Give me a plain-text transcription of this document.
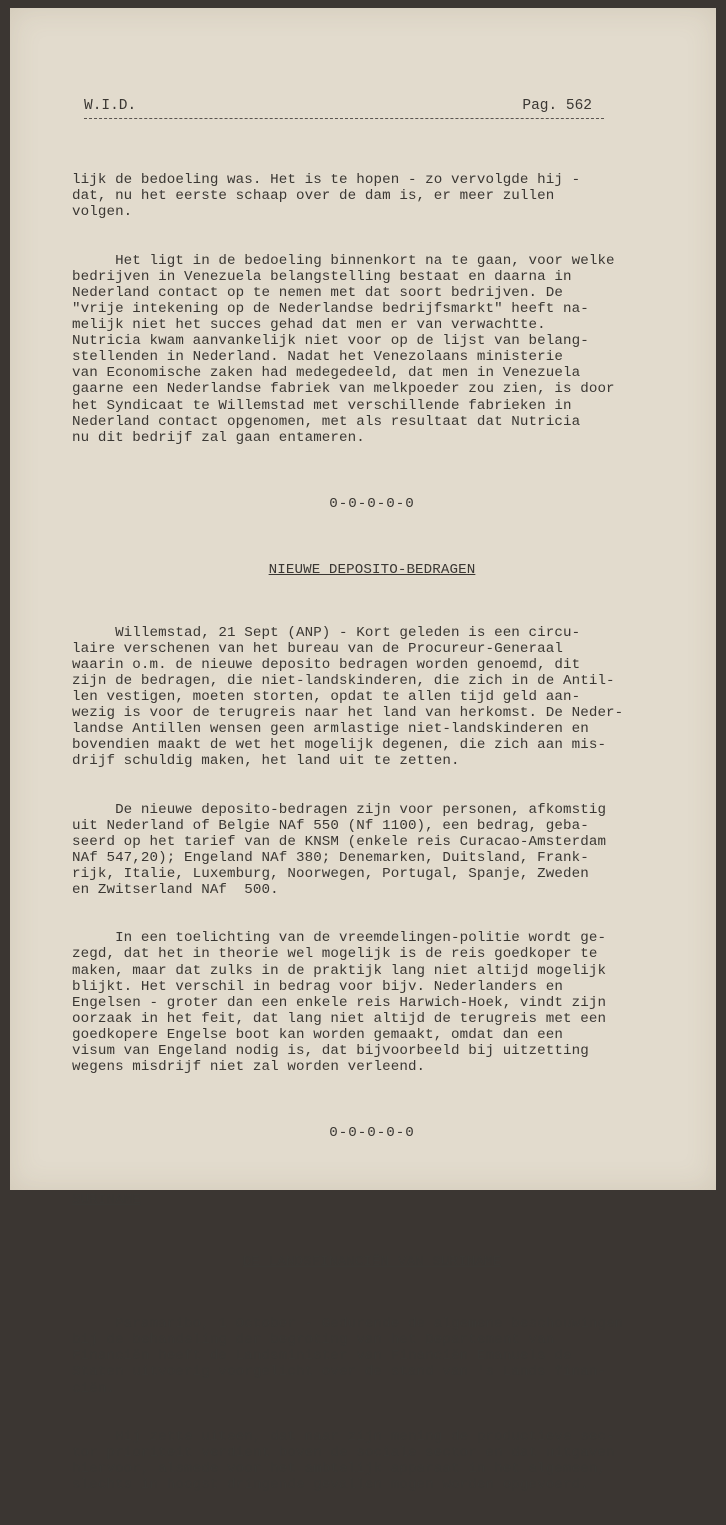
W.I.D.	Pag. 562

lijk de bedoeling was. Het is te hopen - zo vervolgde hij -
dat, nu het eerste schaap over de dam is, er meer zullen
volgen.

Het ligt in de bedoeling binnenkort na te gaan, voor welke
bedrijven in Venezuela belangstelling bestaat en daarna in
Nederland contact op te nemen met dat soort bedrijven. De
"vrije intekening op de Nederlandse bedrijfsmarkt" heeft na-
melijk niet het succes gehad dat men er van verwachtte.
Nutricia kwam aanvankelijk niet voor op de lijst van belang-
stellenden in Nederland. Nadat het Venezolaans ministerie
van Economische zaken had medegedeeld, dat men in Venezuela
gaarne een Nederlandse fabriek van melkpoeder zou zien, is door
het Syndicaat te Willemstad met verschillende fabrieken in
Nederland contact opgenomen, met als resultaat dat Nutricia
nu dit bedrijf zal gaan entameren.

0-0-0-0-0

NIEUWE DEPOSITO-BEDRAGEN

Willemstad, 21 Sept (ANP) - Kort geleden is een circu-
laire verschenen van het bureau van de Procureur-Generaal
waarin o.m. de nieuwe deposito bedragen worden genoemd, dit
zijn de bedragen, die niet-landskinderen, die zich in de Antil-
len vestigen, moeten storten, opdat te allen tijd geld aan-
wezig is voor de terugreis naar het land van herkomst. De Neder-
landse Antillen wensen geen armlastige niet-landskinderen en
bovendien maakt de wet het mogelijk degenen, die zich aan mis-
drijf schuldig maken, het land uit te zetten.

De nieuwe deposito-bedragen zijn voor personen, afkomstig
uit Nederland of Belgie NAf 550 (Nf 1100), een bedrag, geba-
seerd op het tarief van de KNSM (enkele reis Curacao-Amsterdam
NAf 547,20); Engeland NAf 380; Denemarken, Duitsland, Frank-
rijk, Italie, Luxemburg, Noorwegen, Portugal, Spanje, Zweden
en Zwitserland NAf  500.

In een toelichting van de vreemdelingen-politie wordt ge-
zegd, dat het in theorie wel mogelijk is de reis goedkoper te
maken, maar dat zulks in de praktijk lang niet altijd mogelijk
blijkt. Het verschil in bedrag voor bijv. Nederlanders en
Engelsen - groter dan een enkele reis Harwich-Hoek, vindt zijn
oorzaak in het feit, dat lang niet altijd de terugreis met een
goedkopere Engelse boot kan worden gemaakt, omdat dan een
visum van Engeland nodig is, dat bijvoorbeeld bij uitzetting
wegens misdrijf niet zal worden verleend.

0-0-0-0-0

SURINAME

DE LANDSFINANCIËN VAN SURINAME

Paramaribo, 1 October - Gedurende de algemene beschouwingen
bij de behandeling der begroting van het Departement van
Financiën heeft de Landsminister van Financiën Emanuels de
Staten uitvoerig voorgelicht over de stand van 's Lands finan-
ciën.

Hij zette uiteen, dat naar zijn mening de productieve sec-
tor prioriteit verdient boven de sociale sector en dat uitgaven
hiervoor, alsmede voor het ambtelijk apparaat in het algemeen,
slechts in hoogst dringende gevallen mogen worden opgevoerd.
